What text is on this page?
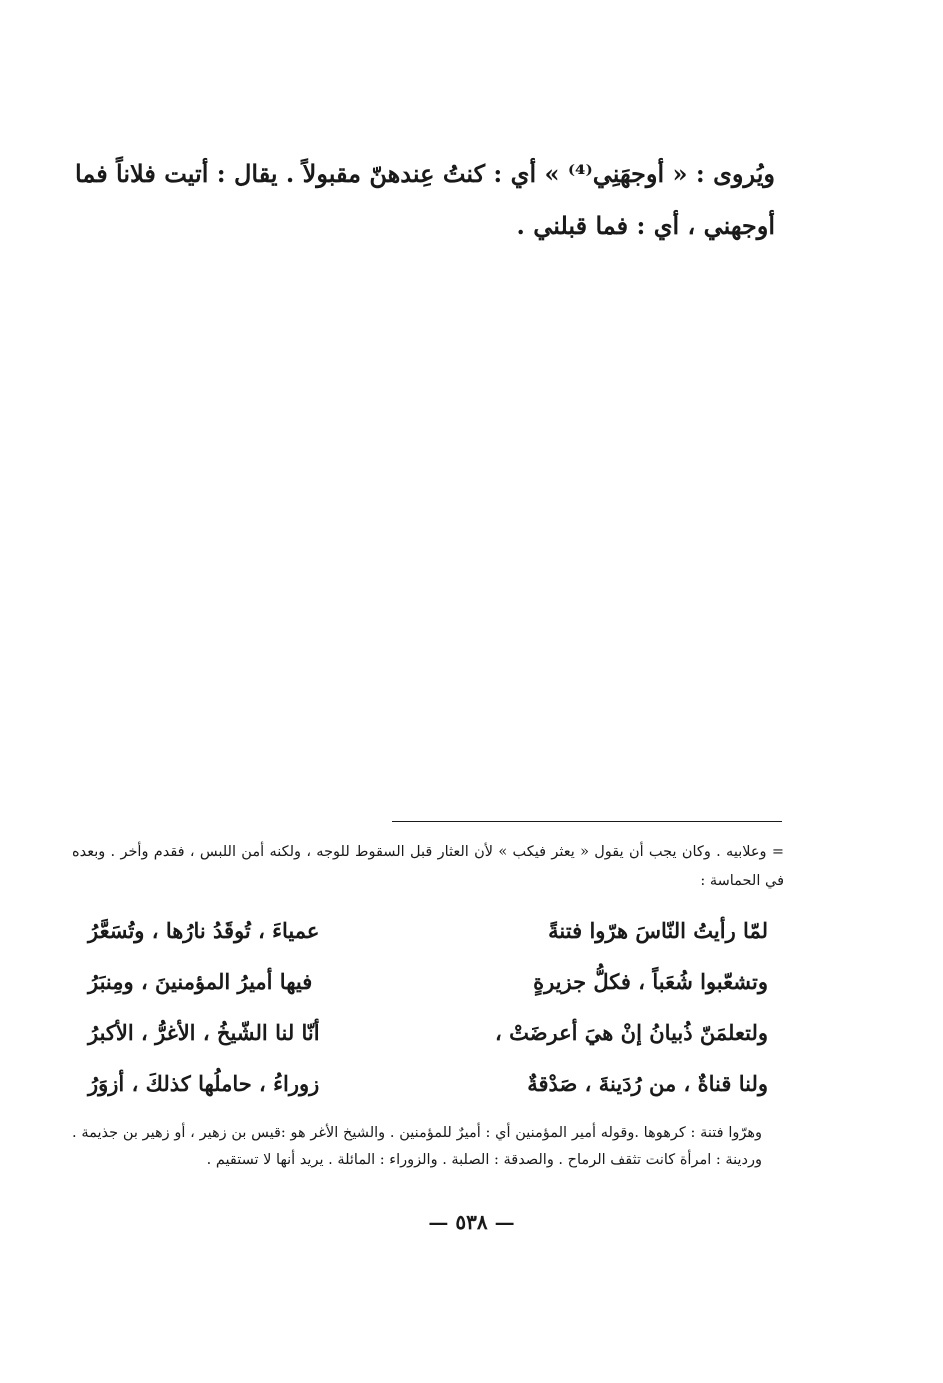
ويُروى : « أوجهَنِي⁽⁴⁾ » أي : كنتُ عِندهنّ مقبولاً . يقال : أتيت فلاناً فما أوجهني ، أي : فما قبلني .

= وعلابيه . وكان يجب أن يقول « يعثر فيكب » لأن العثار قبل السقوط للوجه ، ولكنه أمن اللبس ، فقدم وأخر . وبعده في الحماسة :

لمّا رأيتُ النّاسَ هرّوا فتنةً
عمياءَ ، تُوقَدُ نارُها ، وتُسَعَّرُ
وتشعّبوا شُعَباً ، فكلُّ جزيرةٍ
فيها أميرُ المؤمنينَ ، ومِنبَرُ
ولتعلمَنّ ذُبيانُ إنْ هيَ أعرضَتْ ،
أنّا لنا الشّيخُ ، الأغرُّ ، الأكبرُ
ولنا قناةٌ ، من رُدَينةَ ، صَدْقةٌ
زوراءُ ، حاملُها كذلكَ ، أزوَرُ

وهرّوا فتنة : كرهوها .وقوله أمير المؤمنين أي : أميرٌ للمؤمنين . والشيخ الأغر هو :قيس بن زهير ، أو زهير بن جذيمة . وردينة : امرأة كانت تثقف الرماح . والصدقة : الصلبة . والزوراء : المائلة . يريد أنها لا تستقيم .

— ٥٣٨ —
